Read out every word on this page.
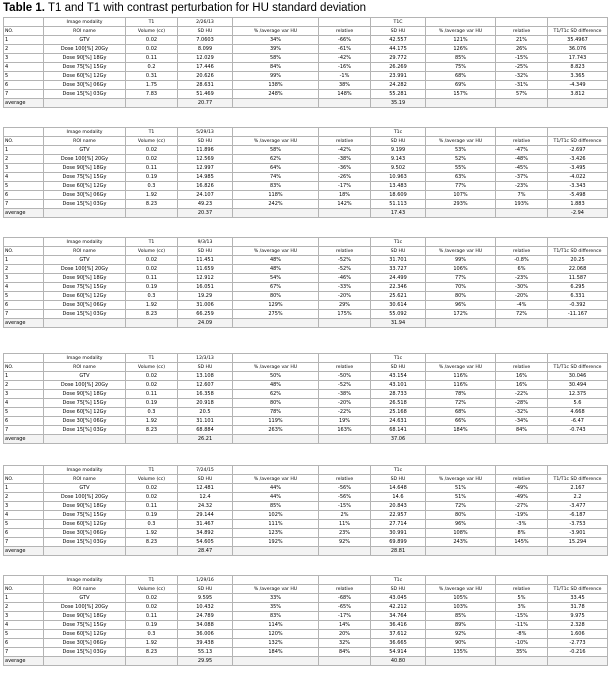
Table 1. T1 and T1 with contrast perturbation for HU standard deviation
	Image modality	T1	2/26/13			T1C			
NO.	ROI name	Volume (cc)	SD HU	% /average var HU	relative	SD HU	% /average var HU	relative	T1/T1c SD difference
1	GTV	0.02	7.0603	34%	-66%	42.557	121%	21%	35.4967
2	Dose 100[%] 20Gy	0.02	8.099	39%	-61%	44.175	126%	26%	36.076
3	Dose 90[%] 18Gy	0.11	12.029	58%	-42%	29.772	85%	-15%	17.743
4	Dose 75[%] 15Gy	0.2	17.446	84%	-16%	26.269	75%	-25%	8.823
5	Dose 60[%] 12Gy	0.31	20.626	99%	-1%	23.991	68%	-32%	3.365
6	Dose 30[%] 06Gy	1.75	28.631	138%	38%	24.282	69%	-31%	-4.349
7	Dose 15[%] 03Gy	7.83	51.469	248%	148%	55.281	157%	57%	3.812
average			20.77			35.19			
	Image modality	T1	5/29/13			T1c			
NO.	ROI name	Volume (cc)	SD HU	% /average var HU	relative	SD HU	% /average var HU	relative	T1/T1c SD difference
1	GTV	0.02	11.896	58%	-42%	9.199	53%	-47%	-2.697
2	Dose 100[%] 20Gy	0.02	12.569	62%	-38%	9.143	52%	-48%	-3.426
3	Dose 90[%] 18Gy	0.11	12.997	64%	-36%	9.502	55%	-45%	-3.495
4	Dose 75[%] 15Gy	0.19	14.985	74%	-26%	10.963	63%	-37%	-4.022
5	Dose 60[%] 12Gy	0.3	16.826	83%	-17%	13.483	77%	-23%	-3.343
6	Dose 30[%] 06Gy	1.92	24.107	118%	18%	18.609	107%	7%	-5.498
7	Dose 15[%] 03Gy	8.23	49.23	242%	142%	51.113	293%	193%	1.883
average			20.37			17.43			-2.94
	Image modality	T1	9/3/13			T1c			
NO.	ROI name	Volume (cc)	SD HU	% /average var HU	relative	SD HU	% /average var HU	relative	T1/T1c SD difference
1	GTV	0.02	11.451	48%	-52%	31.701	99%	-0.8%	20.25
2	Dose 100[%] 20Gy	0.02	11.659	48%	-52%	33.727	106%	6%	22.068
3	Dose 90[%] 18Gy	0.11	12.912	54%	-46%	24.499	77%	-23%	11.587
4	Dose 75[%] 15Gy	0.19	16.051	67%	-33%	22.346	70%	-30%	6.295
5	Dose 60[%] 12Gy	0.3	19.29	80%	-20%	25.621	80%	-20%	6.331
6	Dose 30[%] 06Gy	1.92	31.006	129%	29%	30.614	96%	-4%	-0.392
7	Dose 15[%] 03Gy	8.23	66.259	275%	175%	55.092	172%	72%	-11.167
average			24.09			31.94			
	Image modality	T1	12/3/13			T1c			
NO.	ROI name	Volume (cc)	SD HU	% /average var HU	relative	SD HU	% /average var HU	relative	T1/T1c SD difference
1	GTV	0.02	13.108	50%	-50%	43.154	116%	16%	30.046
2	Dose 100[%] 20Gy	0.02	12.607	48%	-52%	43.101	116%	16%	30.494
3	Dose 90[%] 18Gy	0.11	16.358	62%	-38%	28.733	78%	-22%	12.375
4	Dose 75[%] 15Gy	0.19	20.918	80%	-20%	26.518	72%	-28%	5.6
5	Dose 60[%] 12Gy	0.3	20.5	78%	-22%	25.168	68%	-32%	4.668
6	Dose 30[%] 06Gy	1.92	31.101	119%	19%	24.631	66%	-34%	-6.47
7	Dose 15[%] 03Gy	8.23	68.884	263%	163%	68.141	184%	84%	-0.743
average			26.21			37.06			
	Image modality	T1	7/24/15			T1c			
NO.	ROI name	Volume (cc)	SD HU	% /average var HU	relative	SD HU	% /average var HU	relative	T1/T1c SD difference
1	GTV	0.02	12.481	44%	-56%	14.648	51%	-49%	2.167
2	Dose 100[%] 20Gy	0.02	12.4	44%	-56%	14.6	51%	-49%	2.2
3	Dose 90[%] 18Gy	0.11	24.32	85%	-15%	20.843	72%	-27%	-3.477
4	Dose 75[%] 15Gy	0.19	29.144	102%	2%	22.957	80%	-19%	-6.187
5	Dose 60[%] 12Gy	0.3	31.467	111%	11%	27.714	96%	-3%	-3.753
6	Dose 30[%] 06Gy	1.92	34.892	123%	23%	30.991	108%	8%	-3.901
7	Dose 15[%] 03Gy	8.23	54.605	192%	92%	69.899	243%	145%	15.294
average			28.47			28.81			
	Image modality	T1	1/29/16			T1c			
NO.	ROI name	Volume (cc)	SD HU	% /average var HU	relative	SD HU	% /average var HU	relative	T1/T1c SD difference
1	GTV	0.02	9.595	33%	-68%	43.045	105%	5%	33.45
2	Dose 100[%] 20Gy	0.02	10.432	35%	-65%	42.212	103%	3%	31.78
3	Dose 90[%] 18Gy	0.11	24.789	83%	-17%	34.764	85%	-15%	9.975
4	Dose 75[%] 15Gy	0.19	34.088	114%	14%	36.416	89%	-11%	2.328
5	Dose 60[%] 12Gy	0.3	36.006	120%	20%	37.612	92%	-8%	1.606
6	Dose 30[%] 06Gy	1.92	39.438	132%	32%	36.665	90%	-10%	-2.773
7	Dose 15[%] 03Gy	8.23	55.13	184%	84%	54.914	135%	35%	-0.216
average			29.95			40.80			
